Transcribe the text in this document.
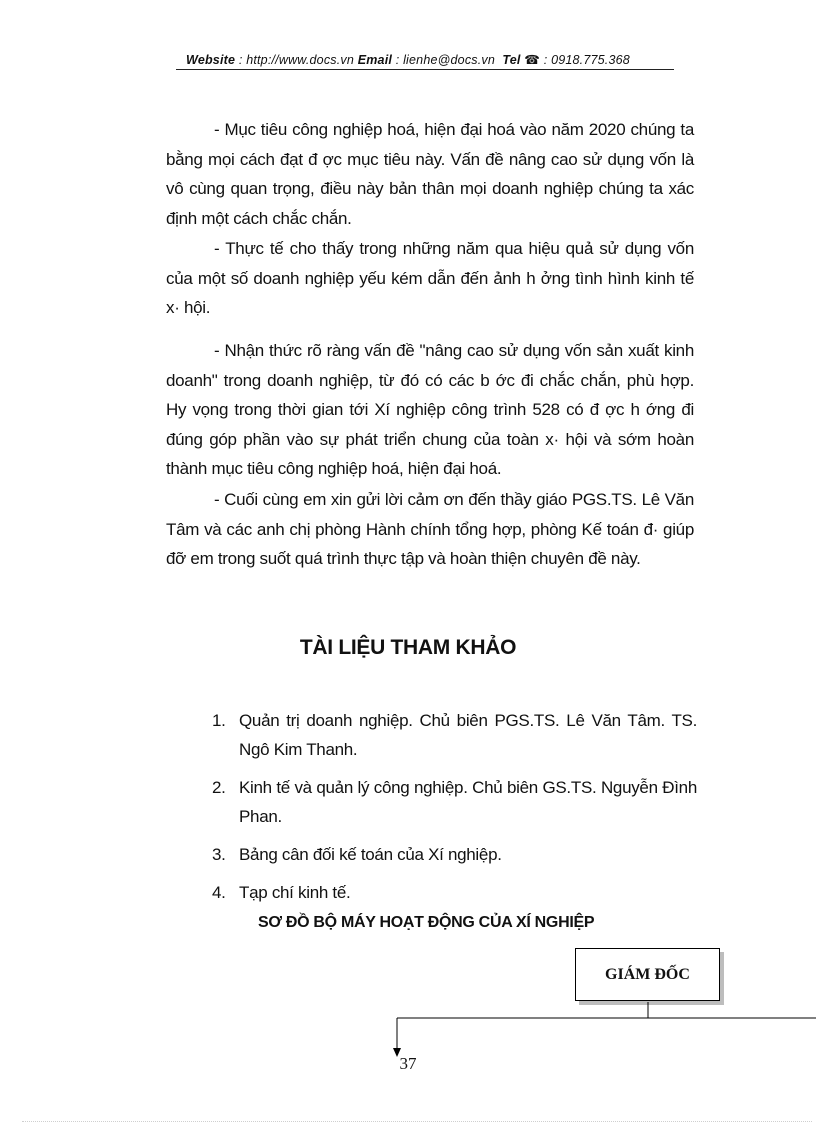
Website : http://www.docs.vn Email : lienhe@docs.vn Tel ☎ : 0918.775.368

- Mục tiêu công nghiệp hoá, hiện đại hoá vào năm 2020 chúng ta bằng mọi cách đạt đ ợc mục tiêu này. Vấn đề nâng cao sử dụng vốn là vô cùng quan trọng, điều này bản thân mọi doanh nghiệp chúng ta xác định một cách chắc chắn.

- Thực tế cho thấy trong những năm qua hiệu quả sử dụng vốn của một số doanh nghiệp yếu kém dẫn đến ảnh h ởng tình hình kinh tế x· hội.

- Nhận thức rõ ràng vấn đề "nâng cao sử dụng vốn sản xuất kinh doanh" trong doanh nghiệp, từ đó có các b ớc đi chắc chắn, phù hợp. Hy vọng trong thời gian tới Xí nghiệp công trình 528 có đ ợc h ớng đi đúng góp phần vào sự phát triển chung của toàn x· hội và sớm hoàn thành mục tiêu công nghiệp hoá, hiện đại hoá.

- Cuối cùng em xin gửi lời cảm ơn đến thầy giáo PGS.TS. Lê Văn Tâm và các anh chị phòng Hành chính tổng hợp, phòng Kế toán đ· giúp đỡ em trong suốt quá trình thực tập và hoàn thiện chuyên đề này.

TÀI LIỆU THAM KHẢO
1. Quản trị doanh nghiệp. Chủ biên PGS.TS. Lê Văn Tâm. TS. Ngô Kim Thanh.
2. Kinh tế và quản lý công nghiệp. Chủ biên GS.TS. Nguyễn Đình Phan.
3. Bảng cân đối kế toán của Xí nghiệp.
4. Tạp chí kinh tế.
SƠ ĐỒ BỘ MÁY HOẠT ĐỘNG CỦA XÍ NGHIỆP
GIÁM ĐỐC
37
